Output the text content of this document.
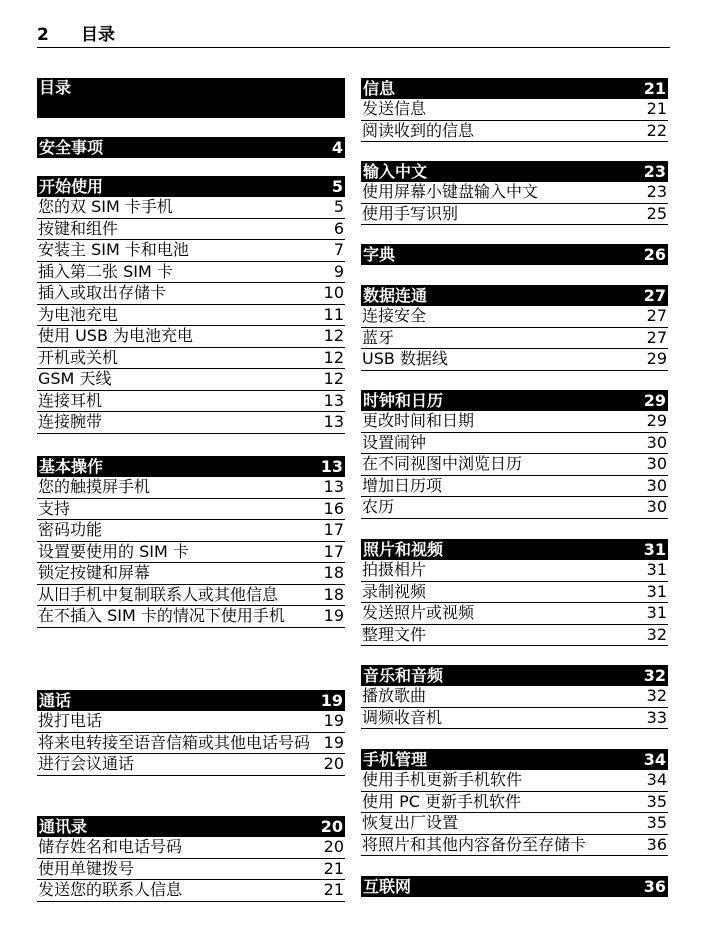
2 目录
目录
安全事项	4
开始使用	5
您的双 SIM 卡手机	5
按键和组件	6
安装主 SIM 卡和电池	7
插入第二张 SIM 卡	9
插入或取出存储卡	10
为电池充电	11
使用 USB 为电池充电	12
开机或关机	12
GSM 天线	12
连接耳机	13
连接腕带	13
基本操作	13
您的触摸屏手机	13
支持	16
密码功能	17
设置要使用的 SIM 卡	17
锁定按键和屏幕	18
从旧手机中复制联系人或其他信息	18
在不插入 SIM 卡的情况下使用手机	19
通话	19
拨打电话	19
将来电转接至语音信箱或其他电话号码 19
进行会议通话	20
通讯录	20
储存姓名和电话号码	20
使用单键拨号	21
发送您的联系人信息	21
信息	21
发送信息	21
阅读收到的信息	22
输入中文	23
使用屏幕小键盘输入中文	23
使用手写识别	25
字典	26
数据连通	27
连接安全	27
蓝牙	27
USB 数据线	29
时钟和日历	29
更改时间和日期	29
设置闹钟	30
在不同视图中浏览日历	30
增加日历项	30
农历	30
照片和视频	31
拍摄相片	31
录制视频	31
发送照片或视频	31
整理文件	32
音乐和音频	32
播放歌曲	32
调频收音机	33
手机管理	34
使用手机更新手机软件	34
使用 PC 更新手机软件	35
恢复出厂设置	35
将照片和其他内容备份至存储卡	36
互联网	36
